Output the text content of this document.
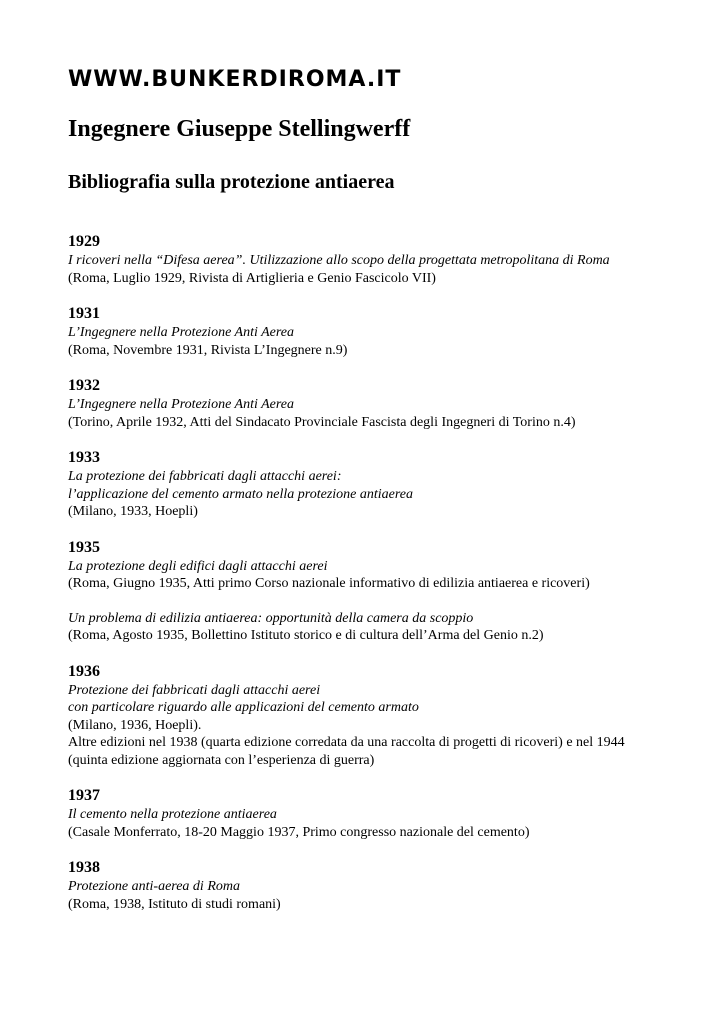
WWW.BUNKERDIROMA.IT
Ingegnere Giuseppe Stellingwerff
Bibliografia sulla protezione antiaerea
1929
I ricoveri nella “Difesa aerea”. Utilizzazione allo scopo della progettata metropolitana di Roma
(Roma, Luglio 1929, Rivista di Artiglieria e Genio Fascicolo VII)
1931
L’Ingegnere nella Protezione Anti Aerea
(Roma, Novembre 1931, Rivista L’Ingegnere n.9)
1932
L’Ingegnere nella Protezione Anti Aerea
(Torino, Aprile 1932, Atti del Sindacato Provinciale Fascista degli Ingegneri di Torino n.4)
1933
La protezione dei fabbricati dagli attacchi aerei:
l’applicazione del cemento armato nella protezione antiaerea
(Milano, 1933, Hoepli)
1935
La protezione degli edifici dagli attacchi aerei
(Roma, Giugno 1935, Atti primo Corso nazionale informativo di edilizia antiaerea e ricoveri)
Un problema di edilizia antiaerea: opportunità della camera da scoppio
(Roma, Agosto 1935, Bollettino Istituto storico e di cultura dell’Arma del Genio n.2)
1936
Protezione dei fabbricati dagli attacchi aerei
con particolare riguardo alle applicazioni del cemento armato
(Milano, 1936, Hoepli).
Altre edizioni nel 1938 (quarta edizione corredata da una raccolta di progetti di ricoveri) e nel 1944
(quinta edizione aggiornata con l’esperienza di guerra)
1937
Il cemento nella protezione antiaerea
(Casale Monferrato, 18-20 Maggio 1937, Primo congresso nazionale del cemento)
1938
Protezione anti-aerea di Roma
(Roma, 1938, Istituto di studi romani)
